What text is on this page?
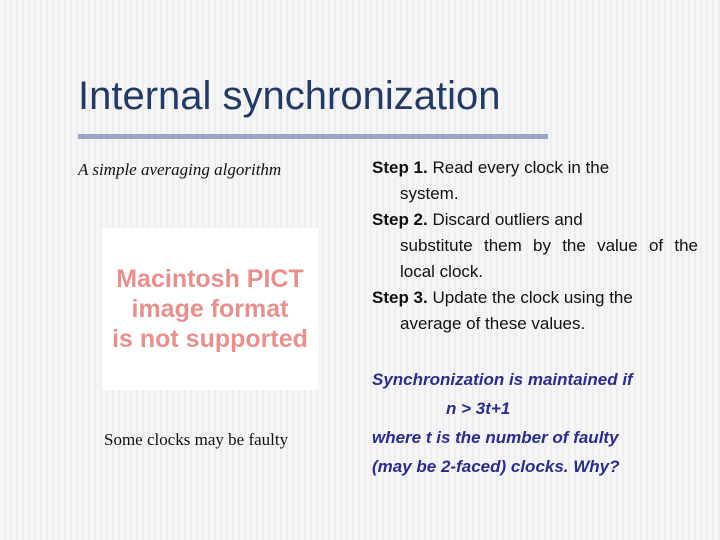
Internal synchronization
A simple averaging algorithm
Macintosh PICT
image format
is not supported
Some clocks may be faulty

Step 1. Read every clock in the
system.

Step 2. Discard outliers and
substitute them by the value of the local clock.

Step 3. Update the clock using the
average of these values.

Synchronization is maintained if
n > 3t+1
where t is the number of faulty
(may be 2-faced) clocks. Why?
